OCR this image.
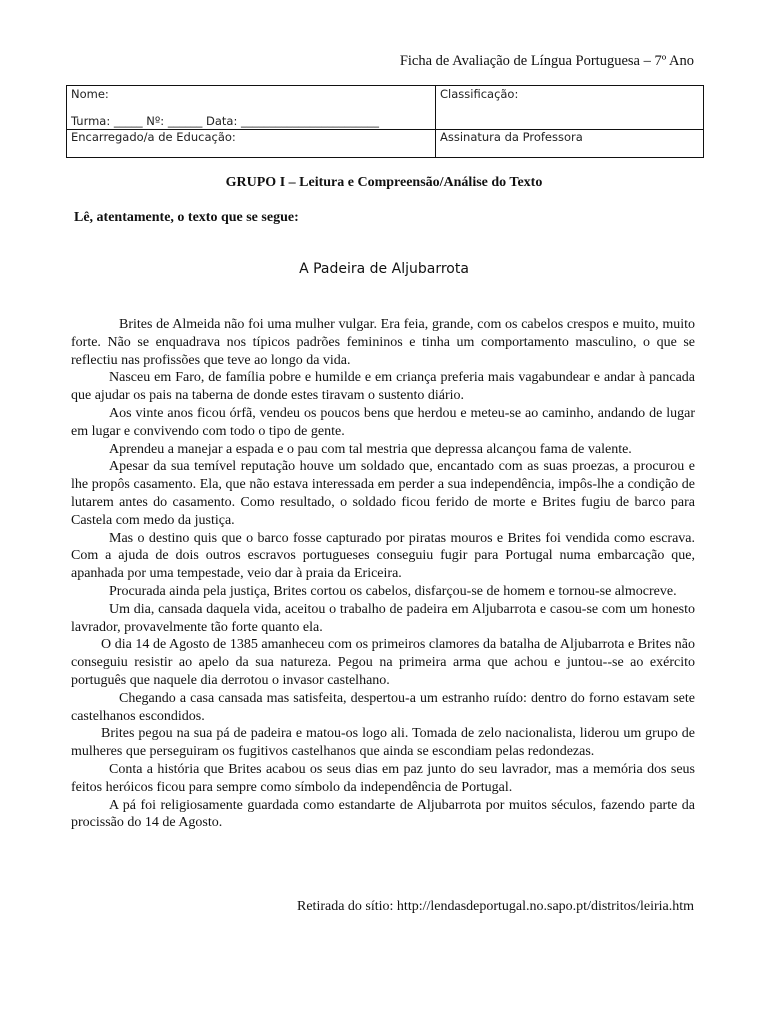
Ficha de Avaliação de Língua Portuguesa – 7º Ano
Nome:
Turma: _____ Nº: ______ Data: ________________________
Encarregado/a de Educação:
Classificação:
Assinatura da Professora
GRUPO I – Leitura e Compreensão/Análise do Texto
Lê, atentamente, o texto que se segue:
A Padeira de Aljubarrota

Brites de Almeida não foi uma mulher vulgar. Era feia, grande, com os cabelos crespos e muito, muito forte. Não se enquadrava nos típicos padrões femininos e tinha um comportamento masculino, o que se reflectiu nas profissões que teve ao longo da vida.

Nasceu em Faro, de família pobre e humilde e em criança preferia mais vagabundear e andar à pancada que ajudar os pais na taberna de donde estes tiravam o sustento diário.

Aos vinte anos ficou órfã, vendeu os poucos bens que herdou e meteu-se ao caminho, andando de lugar em lugar e convivendo com todo o tipo de gente.

Aprendeu a manejar a espada e o pau com tal mestria que depressa alcançou fama de valente.

Apesar da sua temível reputação houve um soldado que, encantado com as suas proezas, a procurou e lhe propôs casamento. Ela, que não estava interessada em perder a sua independência, impôs-lhe a condição de lutarem antes do casamento. Como resultado, o soldado ficou ferido de morte e Brites fugiu de barco para Castela com medo da justiça.

Mas o destino quis que o barco fosse capturado por piratas mouros e Brites foi vendida como escrava. Com a ajuda de dois outros escravos portugueses conseguiu fugir para Portugal numa embarcação que, apanhada por uma tempestade, veio dar à praia da Ericeira.

Procurada ainda pela justiça, Brites cortou os cabelos, disfarçou-se de homem e tornou-se almocreve.

Um dia, cansada daquela vida, aceitou o trabalho de padeira em Aljubarrota e casou-se com um honesto lavrador, provavelmente tão forte quanto ela.

O dia 14 de Agosto de 1385 amanheceu com os primeiros clamores da batalha de Aljubarrota e Brites não conseguiu resistir ao apelo da sua natureza. Pegou na primeira arma que achou e juntou--se ao exército português que naquele dia derrotou o invasor castelhano.

Chegando a casa cansada mas satisfeita, despertou-a um estranho ruído: dentro do forno estavam sete castelhanos escondidos.

Brites pegou na sua pá de padeira e matou-os logo ali. Tomada de zelo nacionalista, liderou um grupo de mulheres que perseguiram os fugitivos castelhanos que ainda se escondiam pelas redondezas.

Conta a história que Brites acabou os seus dias em paz junto do seu lavrador, mas a memória dos seus feitos heróicos ficou para sempre como símbolo da independência de Portugal.

A pá foi religiosamente guardada como estandarte de Aljubarrota por muitos séculos, fazendo parte da procissão do 14 de Agosto.

Retirada do sítio: http://lendasdeportugal.no.sapo.pt/distritos/leiria.htm
